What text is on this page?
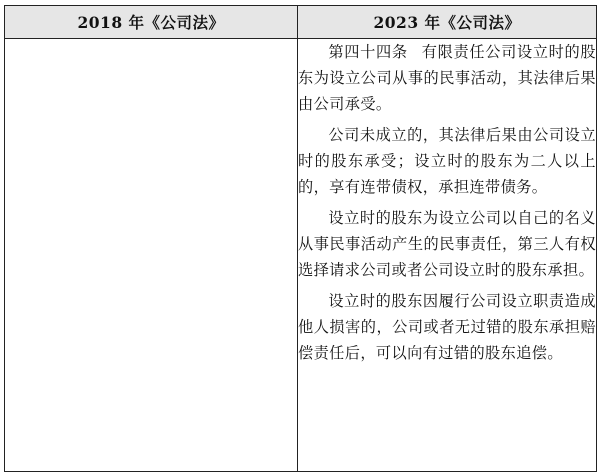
2018 年《公司法》	2023 年《公司法》

	第四十四条 有限责任公司设立时的股东为设立公司从事的民事活动，其法律后果由公司承受。

公司未成立的，其法律后果由公司设立时的股东承受；设立时的股东为二人以上的，享有连带债权，承担连带债务。

设立时的股东为设立公司以自己的名义从事民事活动产生的民事责任，第三人有权选择请求公司或者公司设立时的股东承担。

设立时的股东因履行公司设立职责造成他人损害的，公司或者无过错的股东承担赔偿责任后，可以向有过错的股东追偿。
